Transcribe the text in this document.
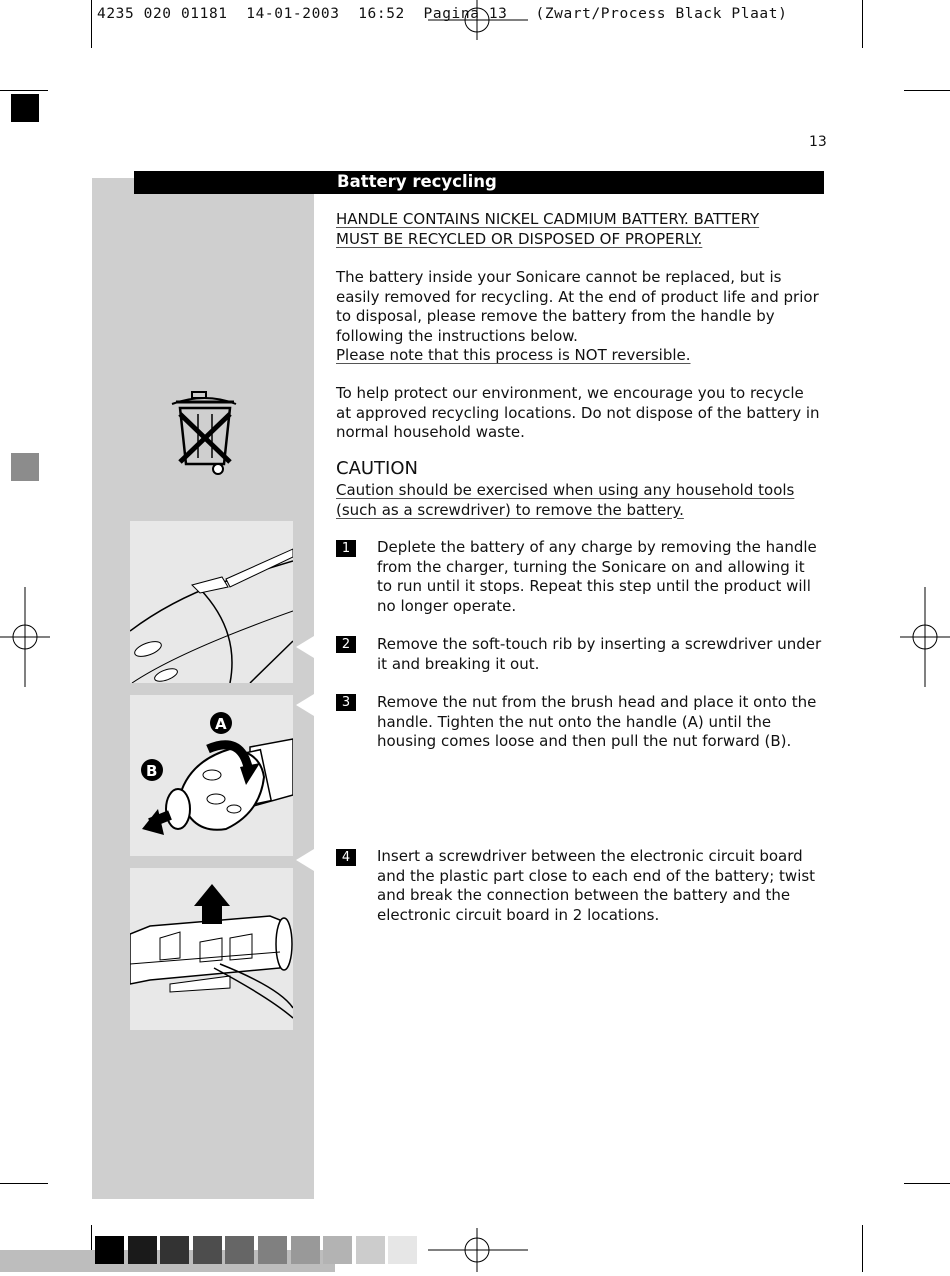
4235 020 01181  14-01-2003  16:52  Pagina 13   (Zwart/Process Black Plaat)
13
Battery recycling
HANDLE CONTAINS NICKEL CADMIUM BATTERY. BATTERY MUST BE RECYCLED OR DISPOSED OF PROPERLY.
The battery inside your Sonicare cannot be replaced, but is easily removed for recycling. At the end of product life and prior to disposal, please remove the battery from the handle by following the instructions below.
Please note that this process is NOT reversible.
To help protect our environment, we encourage you to recycle at approved recycling locations. Do not dispose of the battery in normal household waste.
CAUTION
Caution should be exercised when using any household tools (such as a screwdriver) to remove the battery.
1	Deplete the battery of any charge by removing the handle from the charger, turning the Sonicare on and allowing it to run until it stops. Repeat this step until the product will no longer operate.
2	Remove the soft-touch rib by inserting a screwdriver under it and breaking it out.
3	Remove the nut from the brush head and place it onto the handle. Tighten the nut onto the handle (A) until the housing comes loose and then pull the nut forward (B).
4	Insert a screwdriver between the electronic circuit board and the plastic part close to each end of the battery; twist and break the connection between the battery and the electronic circuit board in 2 locations.
A
B
